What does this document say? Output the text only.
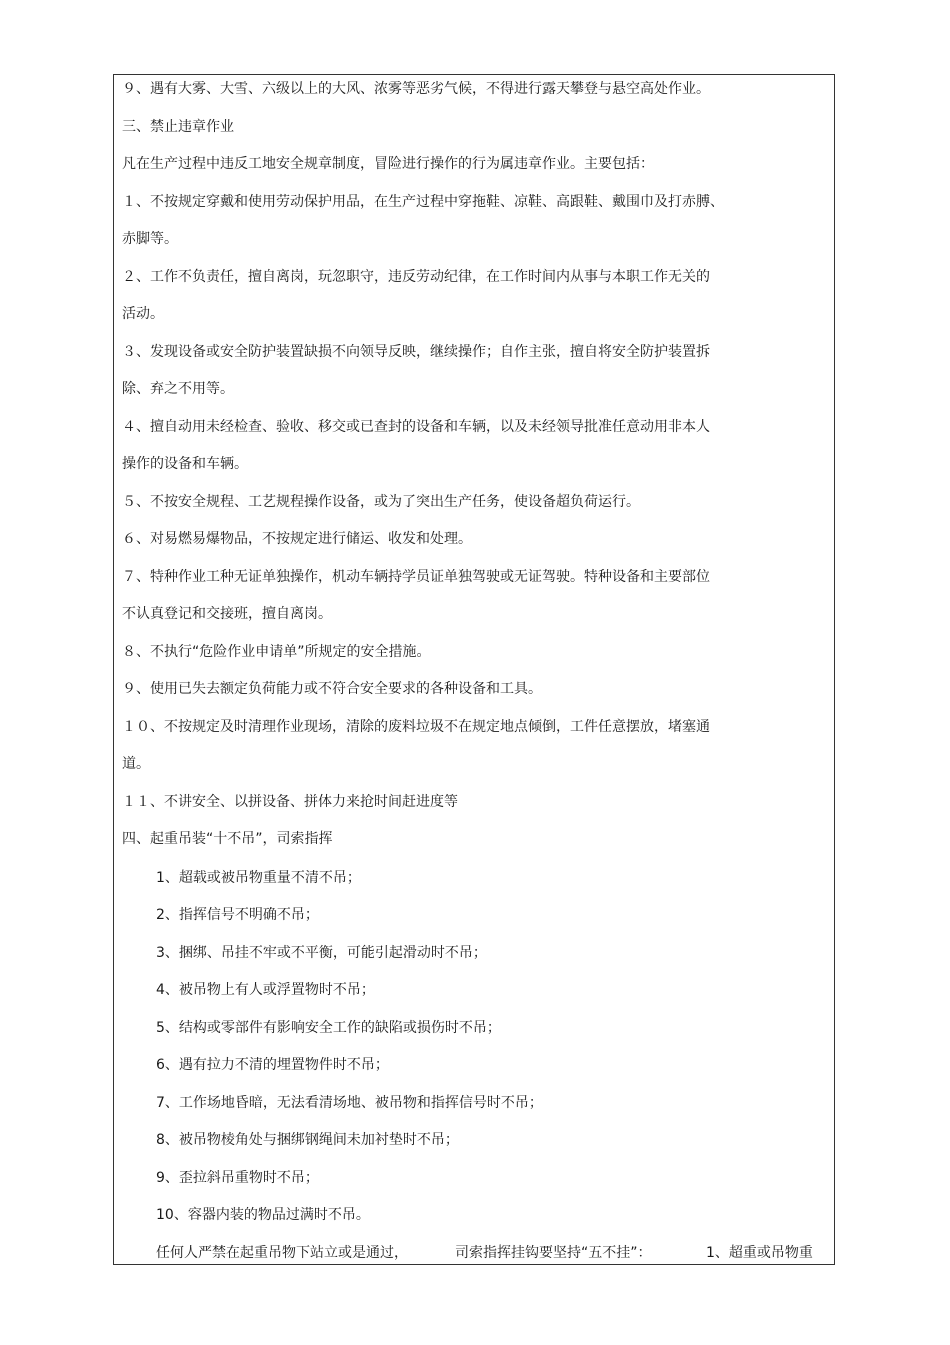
９、遇有大雾、大雪、六级以上的大风、浓雾等恶劣气候，不得进行露天攀登与悬空高处作业。
三、禁止违章作业
凡在生产过程中违反工地安全规章制度，冒险进行操作的行为属违章作业。主要包括：
１、不按规定穿戴和使用劳动保护用品，在生产过程中穿拖鞋、凉鞋、高跟鞋、戴围巾及打赤膊、
赤脚等。
２、工作不负责任，擅自离岗，玩忽职守，违反劳动纪律，在工作时间内从事与本职工作无关的
活动。
３、发现设备或安全防护装置缺损不向领导反映，继续操作；自作主张，擅自将安全防护装置拆
除、弃之不用等。
４、擅自动用未经检查、验收、移交或已查封的设备和车辆，以及未经领导批准任意动用非本人
操作的设备和车辆。
５、不按安全规程、工艺规程操作设备，或为了突出生产任务，使设备超负荷运行。
６、对易燃易爆物品，不按规定进行储运、收发和处理。
７、特种作业工种无证单独操作，机动车辆持学员证单独驾驶或无证驾驶。特种设备和主要部位
不认真登记和交接班，擅自离岗。
８、不执行“危险作业申请单”所规定的安全措施。
９、使用已失去额定负荷能力或不符合安全要求的各种设备和工具。
１０、不按规定及时清理作业现场，清除的废料垃圾不在规定地点倾倒，工件任意摆放，堵塞通
道。
１１、不讲安全、以拼设备、拼体力来抢时间赶进度等
四、起重吊装“十不吊”，司索指挥
1、超载或被吊物重量不清不吊；
2、指挥信号不明确不吊；
3、捆绑、吊挂不牢或不平衡，可能引起滑动时不吊；
4、被吊物上有人或浮置物时不吊；
5、结构或零部件有影响安全工作的缺陷或损伤时不吊；
6、遇有拉力不清的埋置物件时不吊；
7、工作场地昏暗，无法看清场地、被吊物和指挥信号时不吊；
8、被吊物棱角处与捆绑钢绳间未加衬垫时不吊；
9、歪拉斜吊重物时不吊；
10、容器内装的物品过满时不吊。
任何人严禁在起重吊物下站立或是通过，	司索指挥挂钩要坚持“五不挂”：	1、超重或吊物重
